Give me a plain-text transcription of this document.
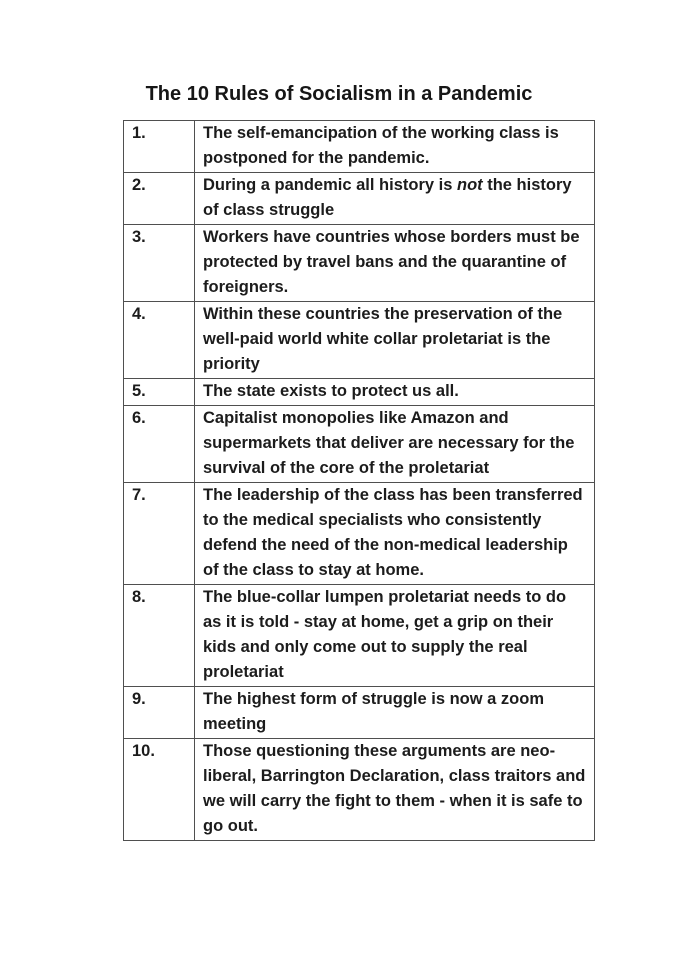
The 10 Rules of Socialism in a Pandemic
1.	The self-emancipation of the working class is postponed for the pandemic.
2.	During a pandemic all history is not the history of class struggle
3.	Workers have countries whose borders must be protected by travel bans and the quarantine of foreigners.
4.	Within these countries the preservation of the well-paid world white collar proletariat is the priority
5.	The state exists to protect us all.
6.	Capitalist monopolies like Amazon and supermarkets that deliver are necessary for the survival of the core of the proletariat
7.	The leadership of the class has been transferred to the medical specialists who consistently defend the need of the non-medical leadership of the class to stay at home.
8.	The blue-collar lumpen proletariat needs to do as it is told - stay at home, get a grip on their kids and only come out to supply the real proletariat
9.	The highest form of struggle is now a zoom meeting
10.	Those questioning these arguments are neo-liberal, Barrington Declaration, class traitors and we will carry the fight to them - when it is safe to go out.
